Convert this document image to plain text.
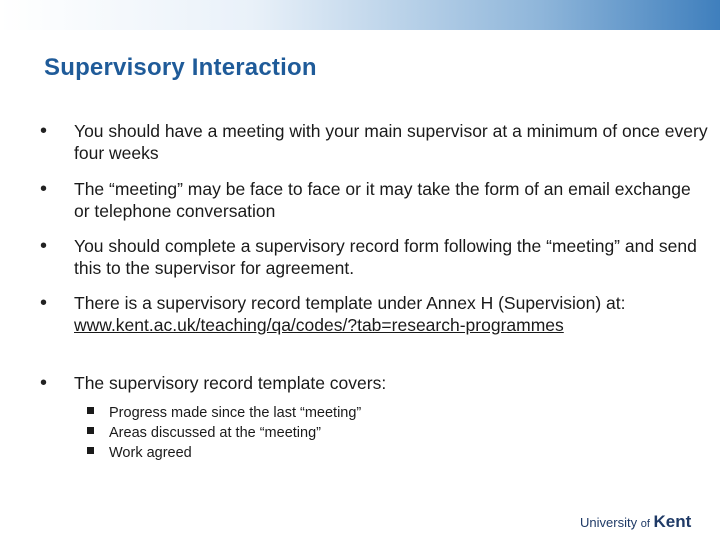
Supervisory Interaction
• You should have a meeting with your main supervisor at a minimum of once every four weeks
• The “meeting” may be face to face or it may take the form of an email exchange or telephone conversation
• You should complete a supervisory record form following the “meeting” and send this to the supervisor for agreement.
• There is a supervisory record template under Annex H (Supervision) at:
www.kent.ac.uk/teaching/qa/codes/?tab=research-programmes
• The supervisory record template covers:
Progress made since the last “meeting”
Areas discussed at the “meeting”
Work agreed
University of Kent
